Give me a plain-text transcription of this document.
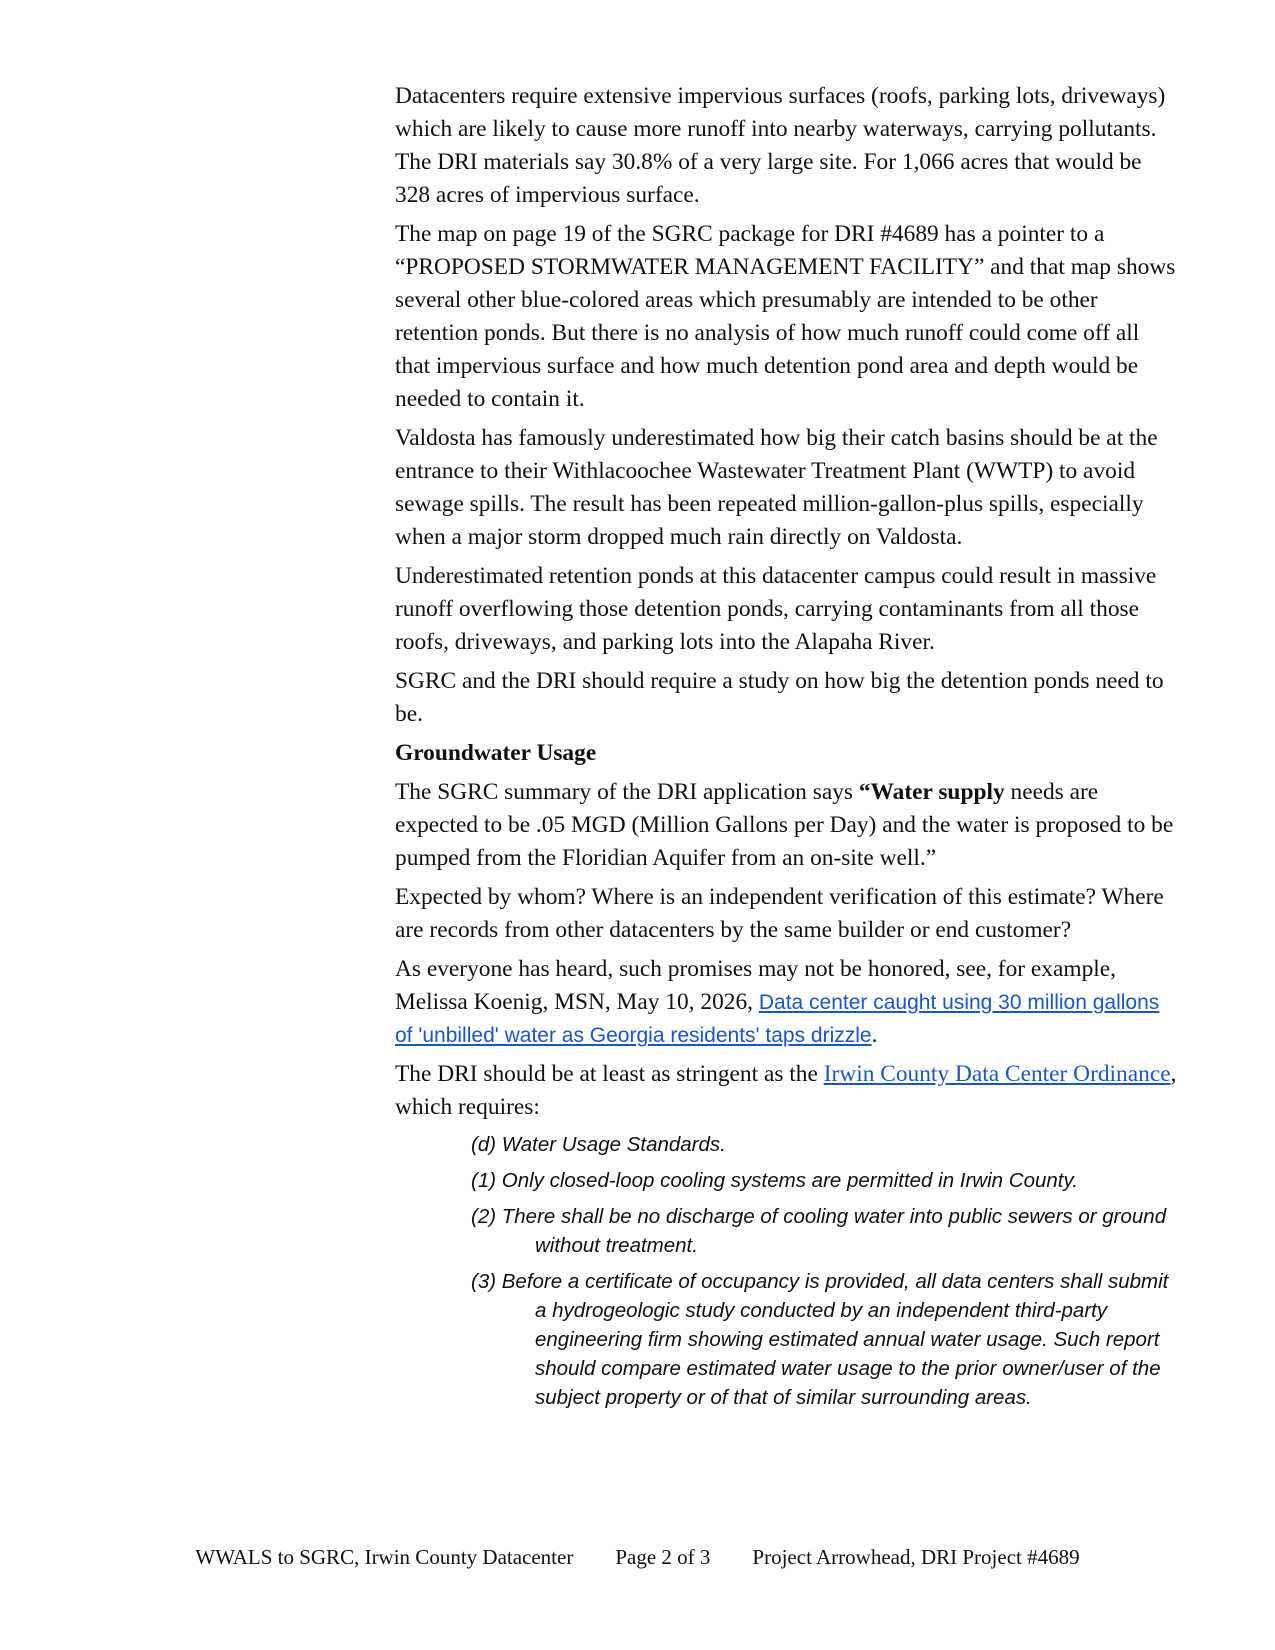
Datacenters require extensive impervious surfaces (roofs, parking lots, driveways) which are likely to cause more runoff into nearby waterways, carrying pollutants. The DRI materials say 30.8% of a very large site. For 1,066 acres that would be 328 acres of impervious surface.

The map on page 19 of the SGRC package for DRI #4689 has a pointer to a “PROPOSED STORMWATER MANAGEMENT FACILITY” and that map shows several other blue-colored areas which presumably are intended to be other retention ponds. But there is no analysis of how much runoff could come off all that impervious surface and how much detention pond area and depth would be needed to contain it.

Valdosta has famously underestimated how big their catch basins should be at the entrance to their Withlacoochee Wastewater Treatment Plant (WWTP) to avoid sewage spills. The result has been repeated million-gallon-plus spills, especially when a major storm dropped much rain directly on Valdosta.

Underestimated retention ponds at this datacenter campus could result in massive runoff overflowing those detention ponds, carrying contaminants from all those roofs, driveways, and parking lots into the Alapaha River.

SGRC and the DRI should require a study on how big the detention ponds need to be.

Groundwater Usage

The SGRC summary of the DRI application says “Water supply needs are expected to be .05 MGD (Million Gallons per Day) and the water is proposed to be pumped from the Floridian Aquifer from an on-site well.”

Expected by whom? Where is an independent verification of this estimate? Where are records from other datacenters by the same builder or end customer?

As everyone has heard, such promises may not be honored, see, for example, Melissa Koenig, MSN, May 10, 2026, Data center caught using 30 million gallons of 'unbilled' water as Georgia residents' taps drizzle.

The DRI should be at least as stringent as the Irwin County Data Center Ordinance, which requires:

(d) Water Usage Standards.
(1) Only closed-loop cooling systems are permitted in Irwin County.
(2) There shall be no discharge of cooling water into public sewers or ground without treatment.
(3) Before a certificate of occupancy is provided, all data centers shall submit a hydrogeologic study conducted by an independent third-party engineering firm showing estimated annual water usage. Such report should compare estimated water usage to the prior owner/user of the subject property or of that of similar surrounding areas.
WWALS to SGRC, Irwin County Datacenter Page 2 of 3 Project Arrowhead, DRI Project #4689
